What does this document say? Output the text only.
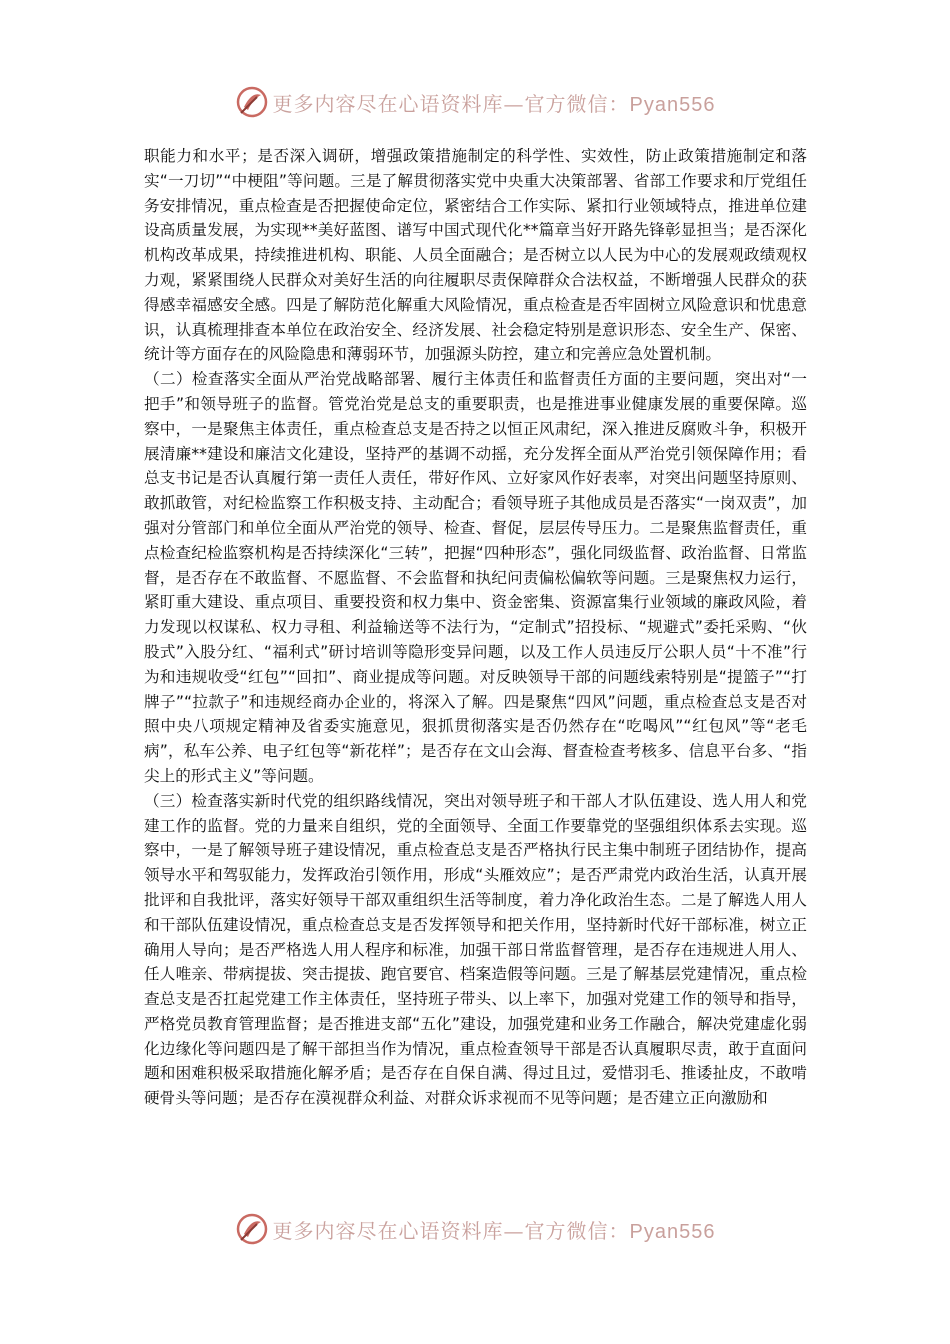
更多内容尽在心语资料库—官方微信：Pyan556

职能力和水平；是否深入调研，增强政策措施制定的科学性、实效性，防止政策措施制定和落实“一刀切”“中梗阻”等问题。三是了解贯彻落实党中央重大决策部署、省部工作要求和厅党组任务安排情况，重点检查是否把握使命定位，紧密结合工作实际、紧扣行业领域特点，推进单位建设高质量发展，为实现**美好蓝图、谱写中国式现代化**篇章当好开路先锋彰显担当；是否深化机构改革成果，持续推进机构、职能、人员全面融合；是否树立以人民为中心的发展观政绩观权力观，紧紧围绕人民群众对美好生活的向往履职尽责保障群众合法权益，不断增强人民群众的获得感幸福感安全感。四是了解防范化解重大风险情况，重点检查是否牢固树立风险意识和忧患意识，认真梳理排查本单位在政治安全、经济发展、社会稳定特别是意识形态、安全生产、保密、统计等方面存在的风险隐患和薄弱环节，加强源头防控，建立和完善应急处置机制。

（二）检查落实全面从严治党战略部署、履行主体责任和监督责任方面的主要问题，突出对“一把手”和领导班子的监督。管党治党是总支的重要职责，也是推进事业健康发展的重要保障。巡察中，一是聚焦主体责任，重点检查总支是否持之以恒正风肃纪，深入推进反腐败斗争，积极开展清廉**建设和廉洁文化建设，坚持严的基调不动摇，充分发挥全面从严治党引领保障作用；看总支书记是否认真履行第一责任人责任，带好作风、立好家风作好表率，对突出问题坚持原则、敢抓敢管，对纪检监察工作积极支持、主动配合；看领导班子其他成员是否落实“一岗双责”，加强对分管部门和单位全面从严治党的领导、检查、督促，层层传导压力。二是聚焦监督责任，重点检查纪检监察机构是否持续深化“三转”，把握“四种形态”，强化同级监督、政治监督、日常监督，是否存在不敢监督、不愿监督、不会监督和执纪问责偏松偏软等问题。三是聚焦权力运行，紧盯重大建设、重点项目、重要投资和权力集中、资金密集、资源富集行业领域的廉政风险，着力发现以权谋私、权力寻租、利益输送等不法行为，“定制式”招投标、“规避式”委托采购、“伙股式”入股分红、“福利式”研讨培训等隐形变异问题，以及工作人员违反厅公职人员“十不准”行为和违规收受“红包”“回扣”、商业提成等问题。对反映领导干部的问题线索特别是“提篮子”“打牌子”“拉款子”和违规经商办企业的，将深入了解。四是聚焦“四风”问题，重点检查总支是否对照中央八项规定精神及省委实施意见，狠抓贯彻落实是否仍然存在“吃喝风”“红包风”等“老毛病”，私车公养、电子红包等“新花样”；是否存在文山会海、督查检查考核多、信息平台多、“指尖上的形式主义”等问题。

（三）检查落实新时代党的组织路线情况，突出对领导班子和干部人才队伍建设、选人用人和党建工作的监督。党的力量来自组织，党的全面领导、全面工作要靠党的坚强组织体系去实现。巡察中，一是了解领导班子建设情况，重点检查总支是否严格执行民主集中制班子团结协作，提高领导水平和驾驭能力，发挥政治引领作用，形成“头雁效应”；是否严肃党内政治生活，认真开展批评和自我批评，落实好领导干部双重组织生活等制度，着力净化政治生态。二是了解选人用人和干部队伍建设情况，重点检查总支是否发挥领导和把关作用，坚持新时代好干部标准，树立正确用人导向；是否严格选人用人程序和标准，加强干部日常监督管理，是否存在违规进人用人、任人唯亲、带病提拔、突击提拔、跑官要官、档案造假等问题。三是了解基层党建情况，重点检查总支是否扛起党建工作主体责任，坚持班子带头、以上率下，加强对党建工作的领导和指导，严格党员教育管理监督；是否推进支部“五化”建设，加强党建和业务工作融合，解决党建虚化弱化边缘化等问题四是了解干部担当作为情况，重点检查领导干部是否认真履职尽责，敢于直面问题和困难积极采取措施化解矛盾；是否存在自保自满、得过且过，爱惜羽毛、推诿扯皮，不敢啃硬骨头等问题；是否存在漠视群众利益、对群众诉求视而不见等问题；是否建立正向激励和

更多内容尽在心语资料库—官方微信：Pyan556
